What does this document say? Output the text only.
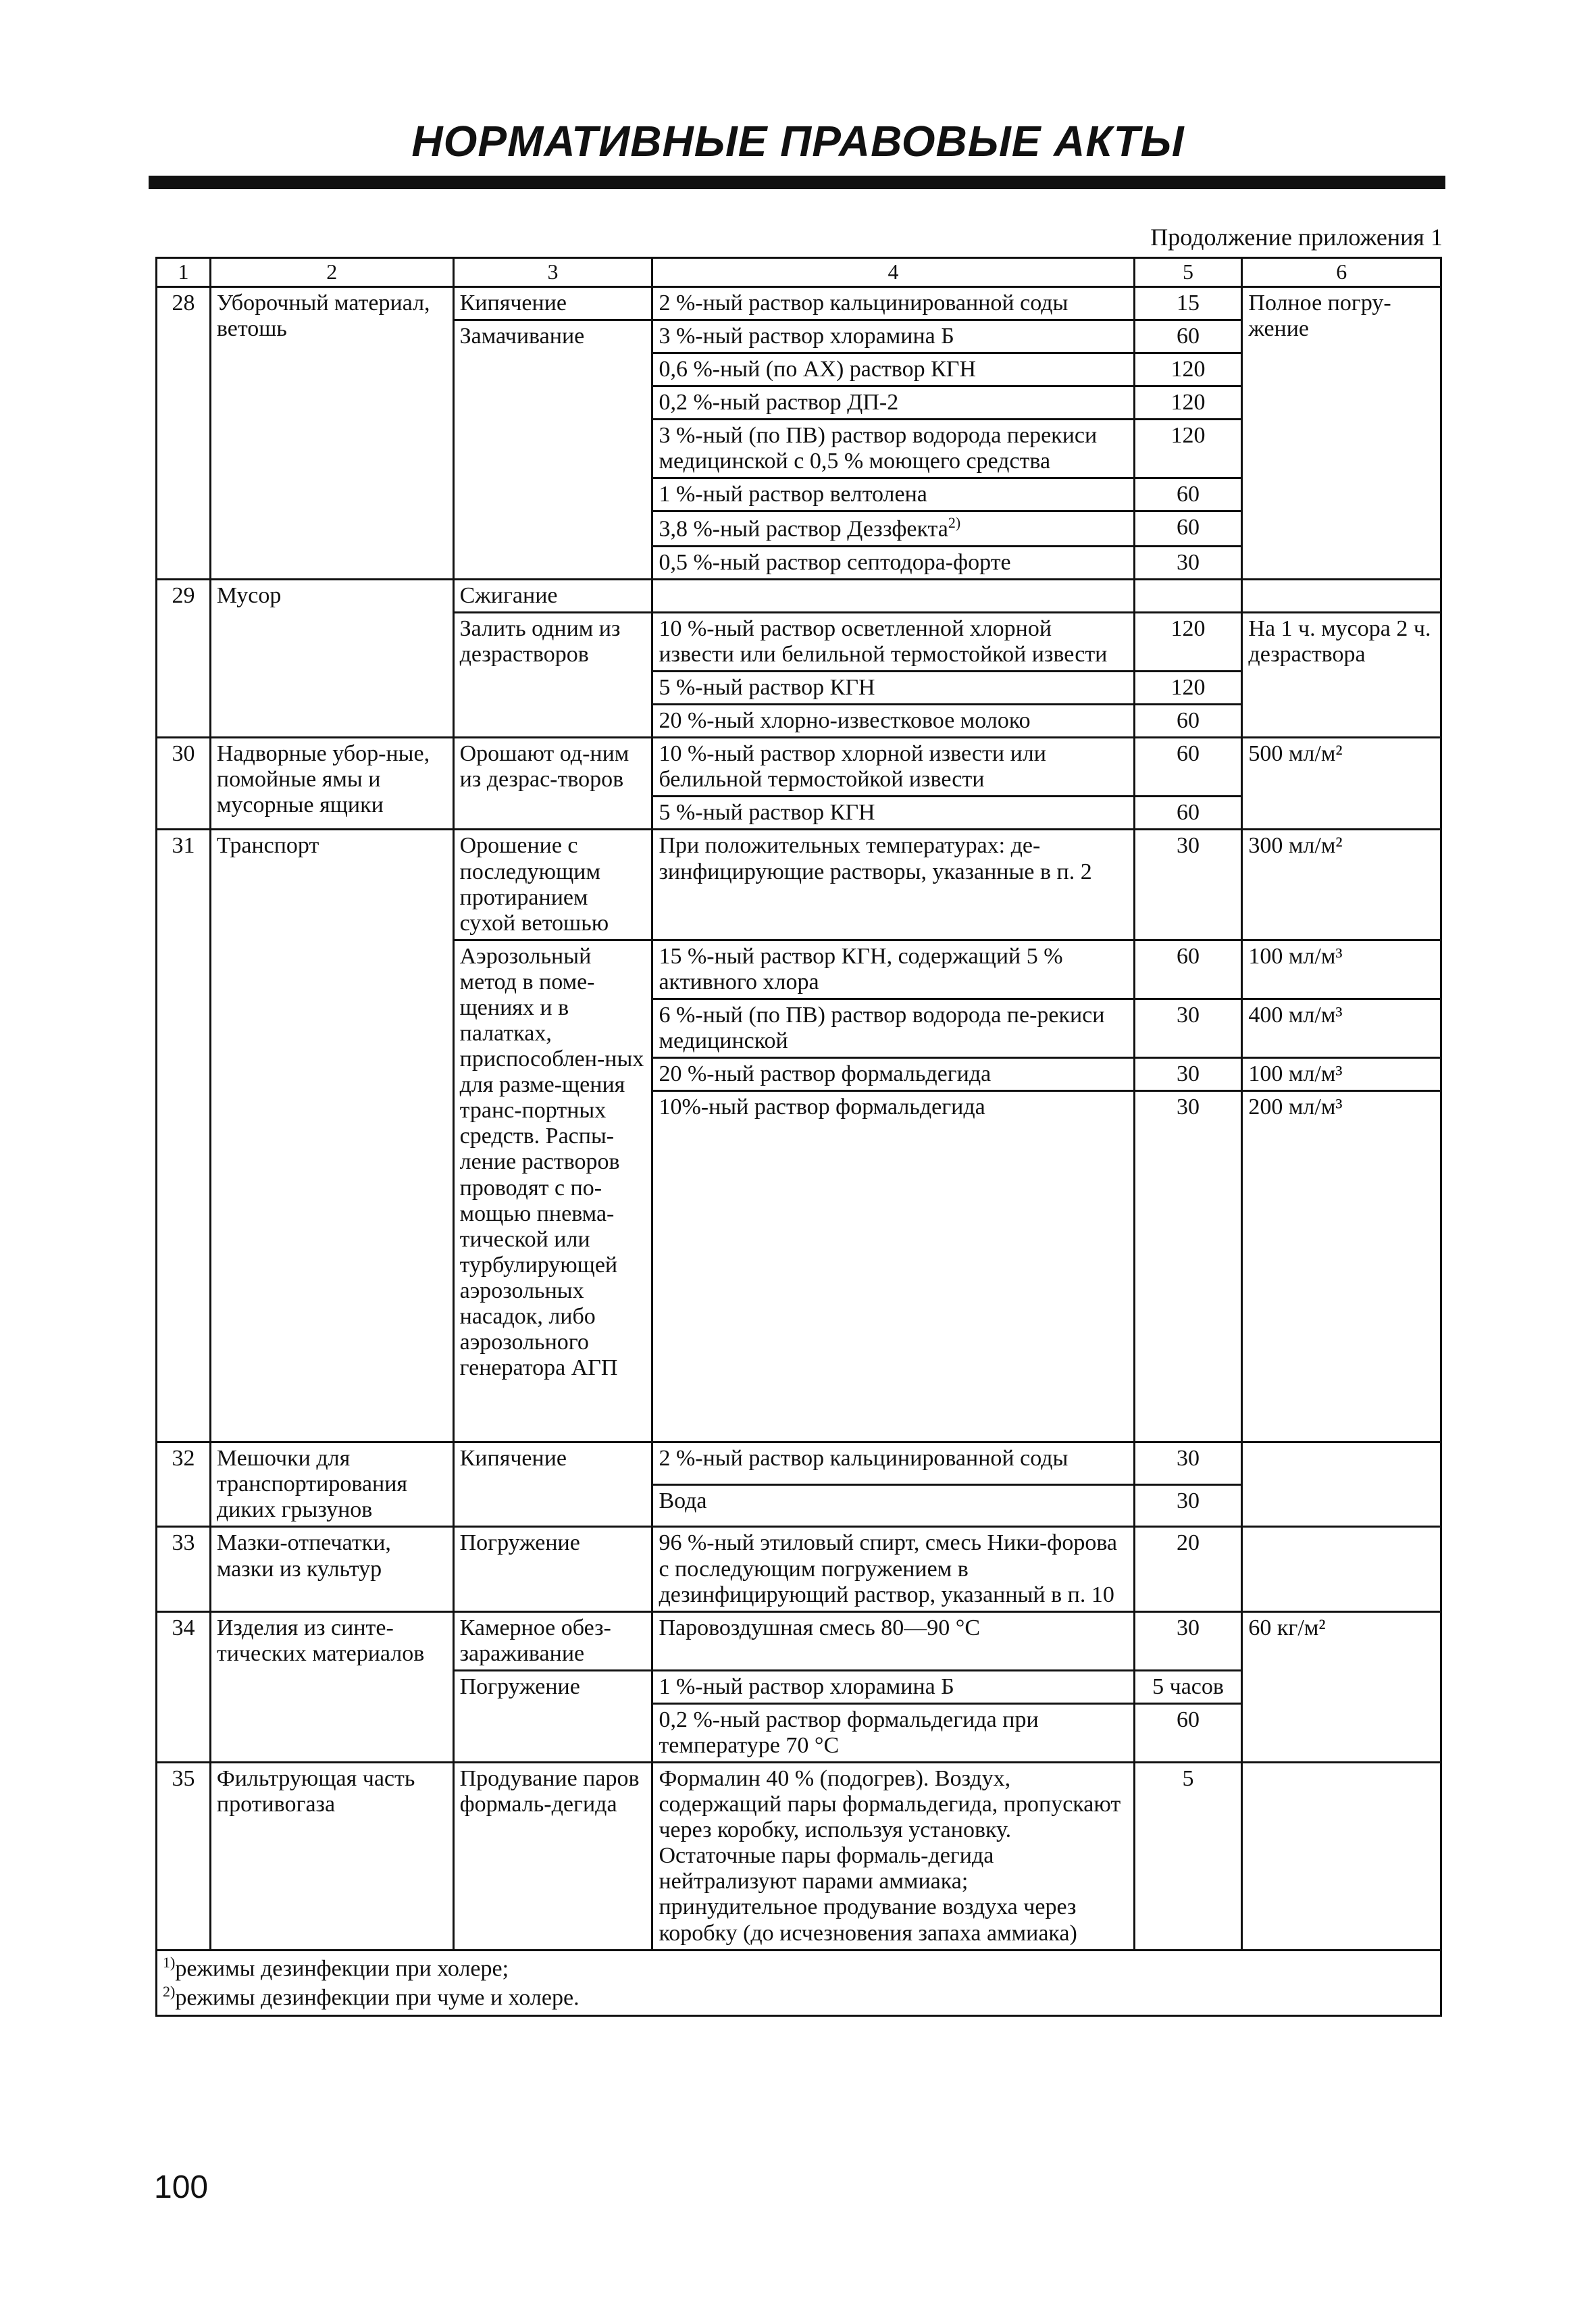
НОРМАТИВНЫЕ ПРАВОВЫЕ АКТЫ
Продолжение приложения 1
1	2	3	4	5	6
28	Уборочный материал, ветошь	Кипячение	2 %-ный раствор кальцинированной соды	15	Полное погру-жение
		Замачивание	3 %-ный раствор хлорамина Б	60	
			0,6 %-ный (по АХ) раствор КГН	120	
			0,2 %-ный раствор ДП-2	120	
			3 %-ный (по ПВ) раствор водорода перекиси медицинской с 0,5 % моющего средства	120	
			1 %-ный раствор велтолена	60	
			3,8 %-ный раствор Деззфекта$^{2)}$	60	
			0,5 %-ный раствор септодора-форте	30	
29	Мусор	Сжигание			
		Залить одним из дезрастворов	10 %-ный раствор осветленной хлорной извести или белильной термостойкой извести	120	На 1 ч. мусора 2 ч. дезраствора
			5 %-ный раствор КГН	120	
			20 %-ный хлорно-известковое молоко	60	
30	Надворные убор-ные, помойные ямы и мусорные ящики	Орошают од-ним из дезрас-творов	10 %-ный раствор хлорной извести или белильной термостойкой извести	60	500 мл/м²
			5 %-ный раствор КГН	60	
31	Транспорт	Орошение с последующим протиранием сухой ветошью	При положительных температурах: де-зинфицирующие растворы, указанные в п. 2	30	300 мл/м²
		Аэрозольный метод в поме-щениях и в палатках, приспособлен-ных для разме-щения транс-портных средств. Распы-ление растворов проводят с по-мощью пневма-тической или турбулирующей аэрозольных насадок, либо аэрозольного генератора АГП	15 %-ный раствор КГН, содержащий 5 % активного хлора	60	100 мл/м³
			6 %-ный (по ПВ) раствор водорода пе-рекиси медицинской	30	400 мл/м³
			20 %-ный раствор формальдегида	30	100 мл/м³
			10%-ный раствор формальдегида	30	200 мл/м³
32	Мешочки для транспортирования диких грызунов	Кипячение	2 %-ный раствор кальцинированной соды	30	
			Вода	30	
33	Мазки-отпечатки, мазки из культур	Погружение	96 %-ный этиловый спирт, смесь Ники-форова с последующим погружением в дезинфицирующий раствор, указанный в п. 10	20	
34	Изделия из синте-тических материалов	Камерное обез-зараживание	Паровоздушная смесь 80—90 °С	30	60 кг/м²
		Погружение	1 %-ный раствор хлорамина Б	5 часов	
			0,2 %-ный раствор формальдегида при температуре 70 °С	60	
35	Фильтрующая часть противогаза	Продувание паров формаль-дегида	Формалин 40 % (подогрев). Воздух, содержащий пары формальдегида, пропускают через коробку, используя установку. Остаточные пары формаль-дегида нейтрализуют парами аммиака; принудительное продувание воздуха через коробку (до исчезновения запаха аммиака)	5	

$^{1)}$режимы дезинфекции при холере;
$^{2)}$режимы дезинфекции при чуме и холере.					
100
